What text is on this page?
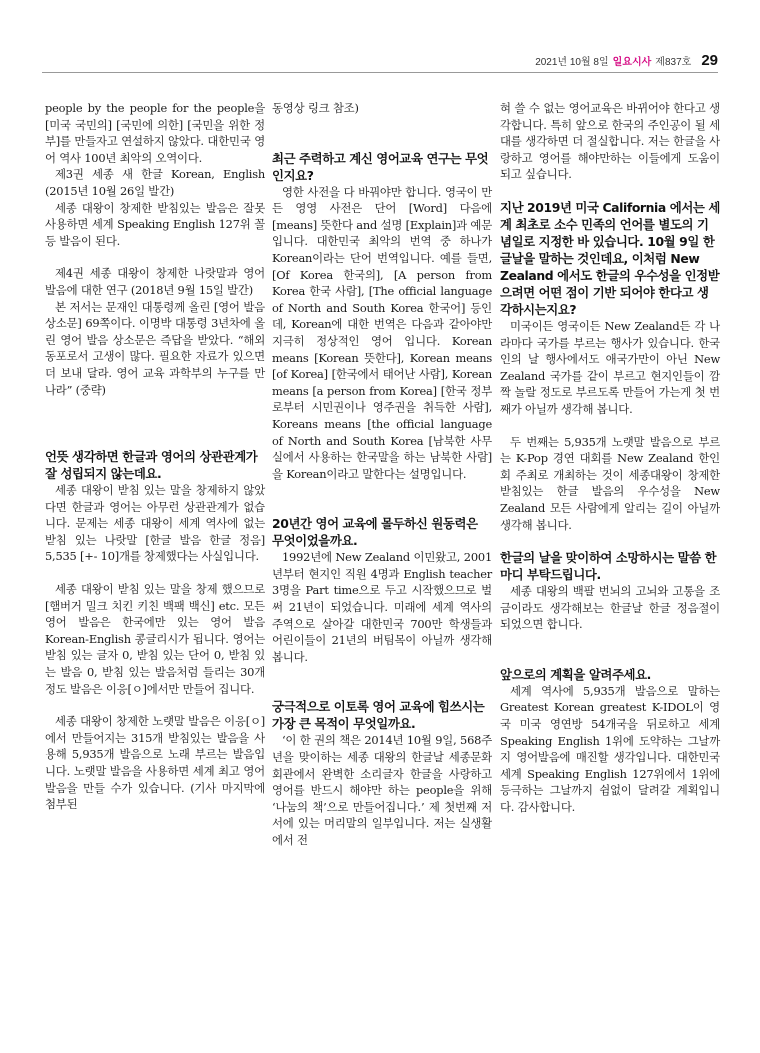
2021년 10월 8일 일요시사 제837호 29

people by the people for the people을 [미국 국민의] [국민에 의한] [국민을 위한 정부]를 만들자고 연설하지 않았다. 대한민국 영어 역사 100년 최악의 오역이다.

제3권 세종 새 한글 Korean, English (2015년 10월 26일 발간)

세종 대왕이 창제한 받침있는 발음은 잘못 사용하면 세계 Speaking English 127위 꼴등 발음이 된다.

제4권 세종 대왕이 창제한 나랏말과 영어 발음에 대한 연구 (2018년 9월 15일 발간)

본 저서는 문재인 대통령께 올린 [영어 발음 상소문] 69쪽이다. 이명박 대통령 3년차에 올린 영어 발음 상소문은 즉답을 받았다. “해외 동포로서 고생이 많다. 필요한 자료가 있으면 더 보내 달라. 영어 교육 과학부의 누구를 만나라” (중략)

언뜻 생각하면 한글과 영어의 상관관계가 잘 성립되지 않는데요.

세종 대왕이 받침 있는 말을 창제하지 않았다면 한글과 영어는 아무런 상관관계가 없습니다. 문제는 세종 대왕이 세계 역사에 없는 받침 있는 나랏말 [한글 발음 한글 정음] 5,535 [+- 10]개를 창제했다는 사실입니다.

세종 대왕이 받침 있는 말을 창제 했으므로 [햄버거 밀크 치킨 키친 백팩 백신] etc. 모든 영어 발음은 한국에만 있는 영어 발음 Korean-English 콩글리시가 됩니다. 영어는 받침 있는 글자 0, 받침 있는 단어 0, 받침 있는 발음 0, 받침 있는 발음처럼 들리는 30개 정도 발음은 이응[ㅇ]에서만 만들어 집니다.

세종 대왕이 창제한 노랫말 발음은 이응[ㅇ]에서 만들어지는 315개 받침있는 발음을 사용해 5,935개 발음으로 노래 부르는 발음입니다. 노랫말 발음을 사용하면 세계 최고 영어 발음을 만들 수가 있습니다. (기사 마지막에 첨부된

동영상 링크 참조)

최근 주력하고 계신 영어교육 연구는 무엇인지요?

영한 사전을 다 바꿔야만 합니다. 영국이 만든 영영 사전은 단어 [Word] 다음에 [means] 뜻한다 and 설명 [Explain]과 예문입니다. 대한민국 최악의 번역 중 하나가 Korean이라는 단어 번역입니다. 예를 들면, [Of Korea 한국의], [A person from Korea 한국 사람], [The official language of North and South Korea 한국어] 등인데, Korean에 대한 번역은 다음과 같아야만 지극히 정상적인 영어 입니다. Korean means [Korean 뜻한다], Korean means [of Korea] [한국에서 태어난 사람], Korean means [a person from Korea] [한국 정부로부터 시민권이나 영주권을 취득한 사람], Koreans means [the official language of North and South Korea [남북한 사무실에서 사용하는 한국말을 하는 남북한 사람] 을 Korean이라고 말한다는 설명입니다.

20년간 영어 교육에 몰두하신 원동력은 무엇이었을까요.

1992년에 New Zealand 이민왔고, 2001년부터 현지인 직원 4명과 English teacher 3명을 Part time으로 두고 시작했으므로 벌써 21년이 되었습니다. 미래에 세계 역사의 주역으로 살아갈 대한민국 700만 학생들과 어린이들이 21년의 버팀목이 아닐까 생각해봅니다.

궁극적으로 이토록 영어 교육에 힘쓰시는 가장 큰 목적이 무엇일까요.

‘이 한 권의 책은 2014년 10월 9일, 568주년을 맞이하는 세종 대왕의 한글날 세종문화회관에서 완벽한 소리글자 한글을 사랑하고 영어를 반드시 해야만 하는 people을 위해 ‘나눔의 책’으로 만들어집니다.’ 제 첫번째 저서에 있는 머리말의 일부입니다. 저는 실생활에서 전

혀 쓸 수 없는 영어교육은 바뀌어야 한다고 생각합니다. 특히 앞으로 한국의 주인공이 될 세대를 생각하면 더 절실합니다. 저는 한글을 사랑하고 영어를 해야만하는 이들에게 도움이 되고 싶습니다.

지난 2019년 미국 California 에서는 세계 최초로 소수 민족의 언어를 별도의 기념일로 지정한 바 있습니다. 10월 9일 한글날을 말하는 것인데요, 이처럼 New Zealand 에서도 한글의 우수성을 인정받으려면 어떤 점이 기반 되어야 한다고 생각하시는지요?

미국이든 영국이든 New Zealand든 각 나라마다 국가를 부르는 행사가 있습니다. 한국인의 날 행사에서도 애국가만이 아닌 New Zealand 국가를 같이 부르고 현지인들이 깜짝 놀랄 정도로 부르도록 만들어 가는게 첫 번째가 아닐까 생각해 봅니다.

두 번째는 5,935개 노랫말 발음으로 부르는 K-Pop 경연 대회를 New Zealand 한인회 주최로 개최하는 것이 세종대왕이 창제한 받침있는 한글 발음의 우수성을 New Zealand 모든 사람에게 알리는 길이 아닐까 생각해 봅니다.

한글의 날을 맞이하여 소망하시는 말씀 한마디 부탁드립니다.

세종 대왕의 백팔 번뇌의 고뇌와 고통을 조금이라도 생각해보는 한글날 한글 정음절이 되었으면 합니다.

앞으로의 계획을 알려주세요.

세계 역사에 5,935개 발음으로 말하는 Greatest Korean greatest K-IDOL이 영국 미국 영연방 54개국을 뒤로하고 세계 Speaking English 1위에 도약하는 그날까지 영어발음에 매진할 생각입니다. 대한민국 세계 Speaking English 127위에서 1위에 등극하는 그날까지 쉼없이 달려갈 계획입니다. 감사합니다.
